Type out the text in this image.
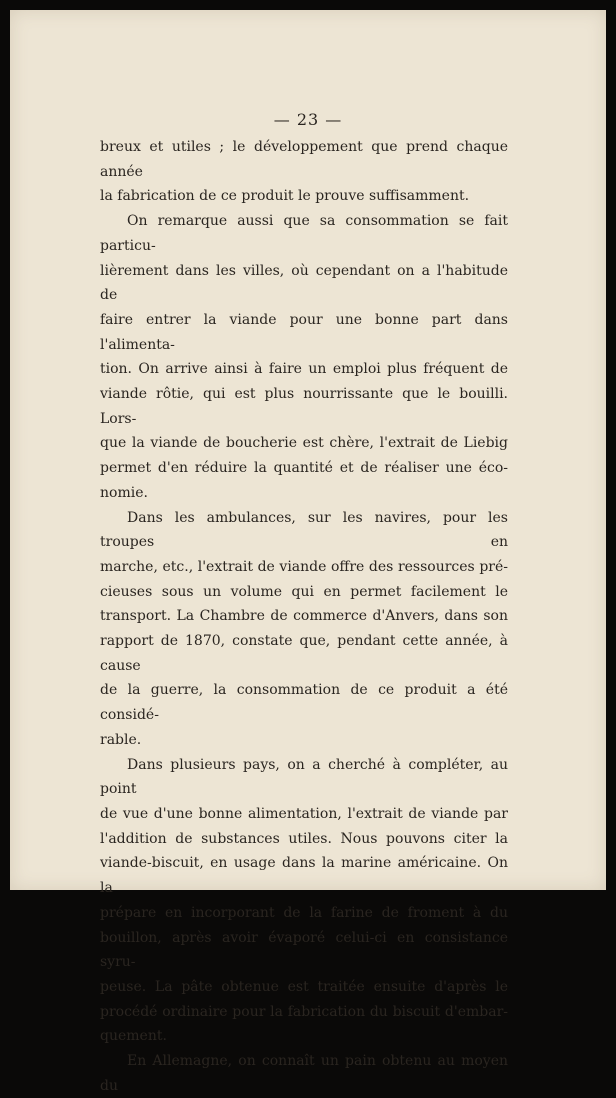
— 23 —

breux et utiles ; le développement que prend chaque année

la fabrication de ce produit le prouve suffisamment.

On remarque aussi que sa consommation se fait particu-

lièrement dans les villes, où cependant on a l'habitude de

faire entrer la viande pour une bonne part dans l'alimenta-

tion. On arrive ainsi à faire un emploi plus fréquent de

viande rôtie, qui est plus nourrissante que le bouilli. Lors-

que la viande de boucherie est chère, l'extrait de Liebig

permet d'en réduire la quantité et de réaliser une éco-

nomie.

Dans les ambulances, sur les navires, pour les troupes en

marche, etc., l'extrait de viande offre des ressources pré-

cieuses sous un volume qui en permet facilement le

transport. La Chambre de commerce d'Anvers, dans son

rapport de 1870, constate que, pendant cette année, à cause

de la guerre, la consommation de ce produit a été considé-

rable.

Dans plusieurs pays, on a cherché à compléter, au point

de vue d'une bonne alimentation, l'extrait de viande par

l'addition de substances utiles. Nous pouvons citer la

viande-biscuit, en usage dans la marine américaine. On la

prépare en incorporant de la farine de froment à du

bouillon, après avoir évaporé celui-ci en consistance syru-

peuse. La pâte obtenue est traitée ensuite d'après le

procédé ordinaire pour la fabrication du biscuit d'embar-

quement.

En Allemagne, on connaît un pain obtenu au moyen du
